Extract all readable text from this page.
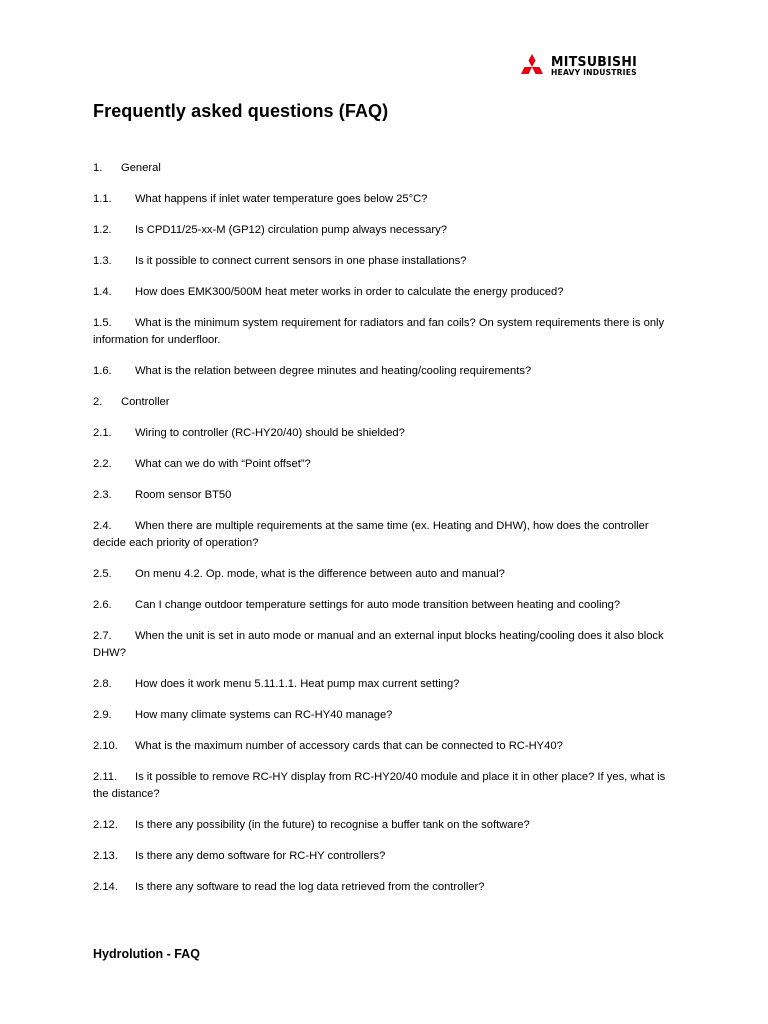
MITSUBISHI
HEAVY INDUSTRIES
Frequently asked questions (FAQ)
1.	General
1.1.	What happens if inlet water temperature goes below 25°C?
1.2.	Is CPD11/25-xx-M (GP12) circulation pump always necessary?
1.3.	Is it possible to connect current sensors in one phase installations?
1.4.	How does EMK300/500M heat meter works in order to calculate the energy produced?
1.5. What is the minimum system requirement for radiators and fan coils? On system requirements there is only information for underfloor.
1.6.	What is the relation between degree minutes and heating/cooling requirements?
2.	Controller
2.1.	Wiring to controller (RC-HY20/40) should be shielded?
2.2.	What can we do with “Point offset”?
2.3.	Room sensor BT50
2.4. When there are multiple requirements at the same time (ex. Heating and DHW), how does the controller decide each priority of operation?
2.5.	On menu 4.2. Op. mode, what is the difference between auto and manual?
2.6.	Can I change outdoor temperature settings for auto mode transition between heating and cooling?
2.7. When the unit is set in auto mode or manual and an external input blocks heating/cooling does it also block DHW?
2.8.	How does it work menu 5.11.1.1. Heat pump max current setting?
2.9.	How many climate systems can RC-HY40 manage?
2.10.	What is the maximum number of accessory cards that can be connected to RC-HY40?
2.11. Is it possible to remove RC-HY display from RC-HY20/40 module and place it in other place? If yes, what is the distance?
2.12.	Is there any possibility (in the future) to recognise a buffer tank on the software?
2.13.	Is there any demo software for RC-HY controllers?
2.14.	Is there any software to read the log data retrieved from the controller?
Hydrolution - FAQ
